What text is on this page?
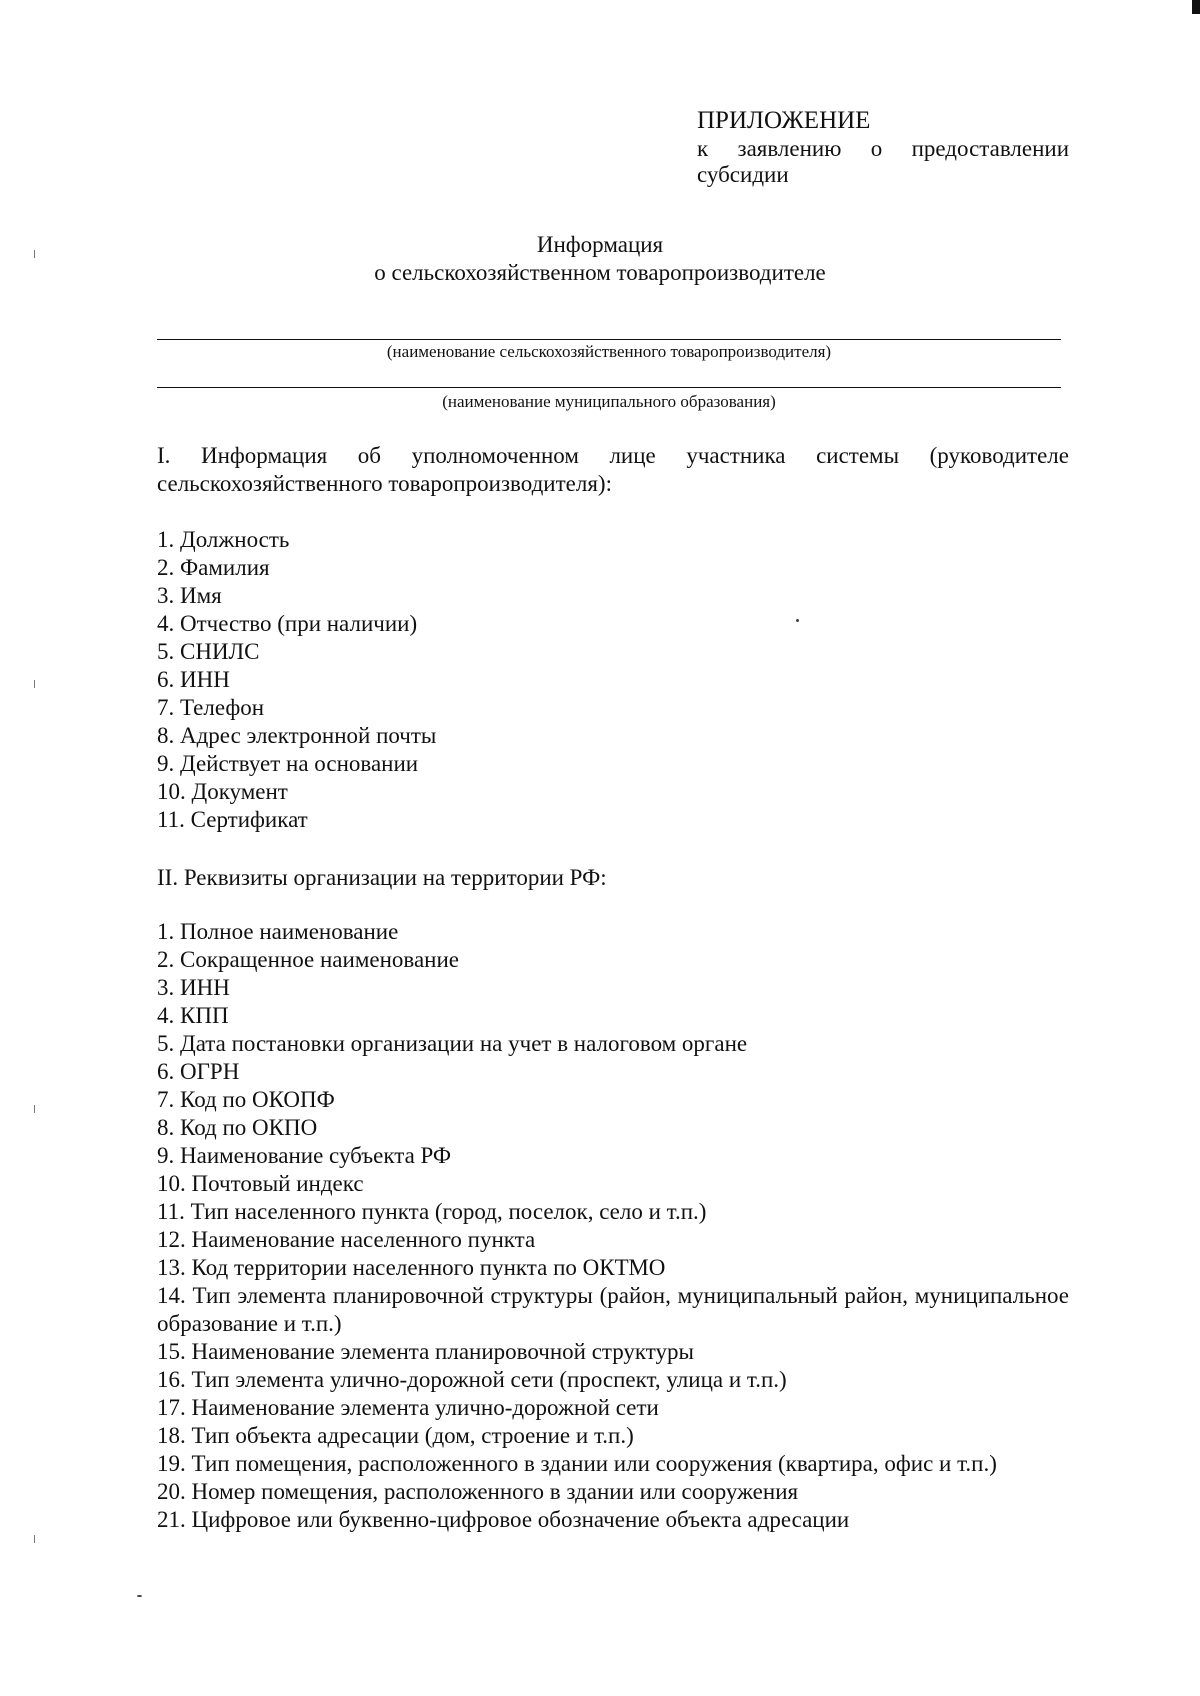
ПРИЛОЖЕНИЕ
к заявлению о предоставлении
субсидии
Информация
о сельскохозяйственном товаропроизводителе
(наименование сельскохозяйственного товаропроизводителя)
(наименование муниципального образования)
I. Информация об уполномоченном лице участника системы (руководителе сельскохозяйственного товаропроизводителя):
1. Должность
2. Фамилия
3. Имя
4. Отчество (при наличии)
5. СНИЛС
6. ИНН
7. Телефон
8. Адрес электронной почты
9. Действует на основании
10. Документ
11. Сертификат
II. Реквизиты организации на территории РФ:
1. Полное наименование
2. Сокращенное наименование
3. ИНН
4. КПП
5. Дата постановки организации на учет в налоговом органе
6. ОГРН
7. Код по ОКОПФ
8. Код по ОКПО
9. Наименование субъекта РФ
10. Почтовый индекс
11. Тип населенного пункта (город, поселок, село и т.п.)
12. Наименование населенного пункта
13. Код территории населенного пункта по ОКТМО
14. Тип элемента планировочной структуры (район, муниципальный район, муниципальное образование и т.п.)
15. Наименование элемента планировочной структуры
16. Тип элемента улично-дорожной сети (проспект, улица и т.п.)
17. Наименование элемента улично-дорожной сети
18. Тип объекта адресации (дом, строение и т.п.)
19. Тип помещения, расположенного в здании или сооружения (квартира, офис и т.п.)
20. Номер помещения, расположенного в здании или сооружения
21. Цифровое или буквенно-цифровое обозначение объекта адресации
